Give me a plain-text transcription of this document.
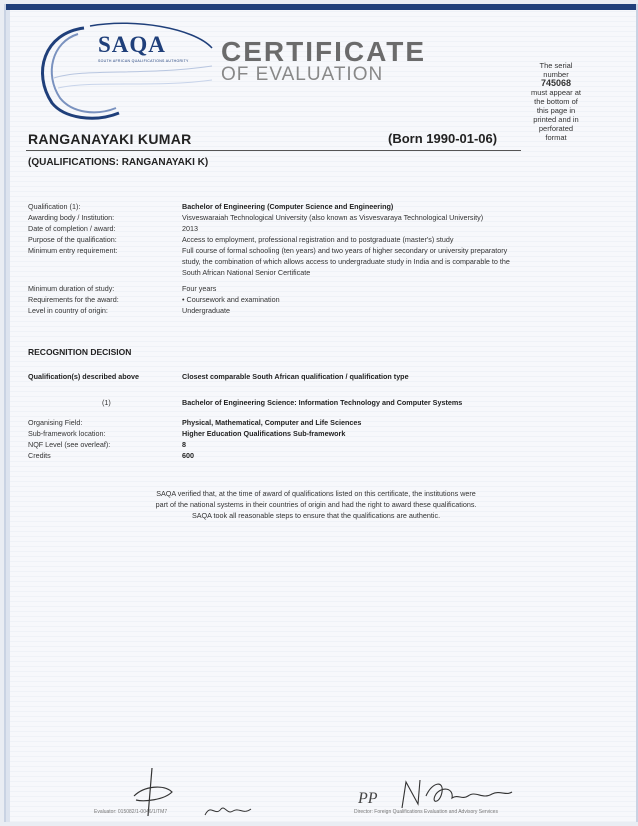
SAQA
SOUTH AFRICAN QUALIFICATIONS AUTHORITY	CERTIFICATE
OF EVALUATION	The serial
number
745068
must appear at
the bottom of
this page in
printed and in
perforated
format
RANGANAYAKI KUMAR	(Born 1990-01-06)
(QUALIFICATIONS: RANGANAYAKI K)
Qualification (1):	Bachelor of Engineering (Computer Science and Engineering)
Awarding body / Institution:	Visveswaraiah Technological University (also known as Visvesvaraya Technological University)
Date of completion / award:	2013
Purpose of the qualification:	Access to employment, professional registration and to postgraduate (master's) study
Minimum entry requirement:	Full course of formal schooling (ten years) and two years of higher secondary or university preparatory
study, the combination of which allows access to undergraduate study in India and is comparable to the
South African National Senior Certificate
Minimum duration of study:	Four years
Requirements for the award:	• Coursework and examination
Level in country of origin:	Undergraduate
RECOGNITION DECISION
Qualification(s) described above	Closest comparable South African qualification / qualification type
(1)	Bachelor of Engineering Science: Information Technology and Computer Systems
Organising Field:	Physical, Mathematical, Computer and Life Sciences
Sub-framework location:	Higher Education Qualifications Sub-framework
NQF Level (see overleaf):	8
Credits	600
SAQA verified that, at the time of award of qualifications listed on this certificate, the institutions were
part of the national systems in their countries of origin and had the right to award these qualifications.
SAQA took all reasonable steps to ensure that the qualifications are authentic.
PP
Evaluator: 015082/1-0046/1/TM7	Director: Foreign Qualifications Evaluation and Advisory Services
